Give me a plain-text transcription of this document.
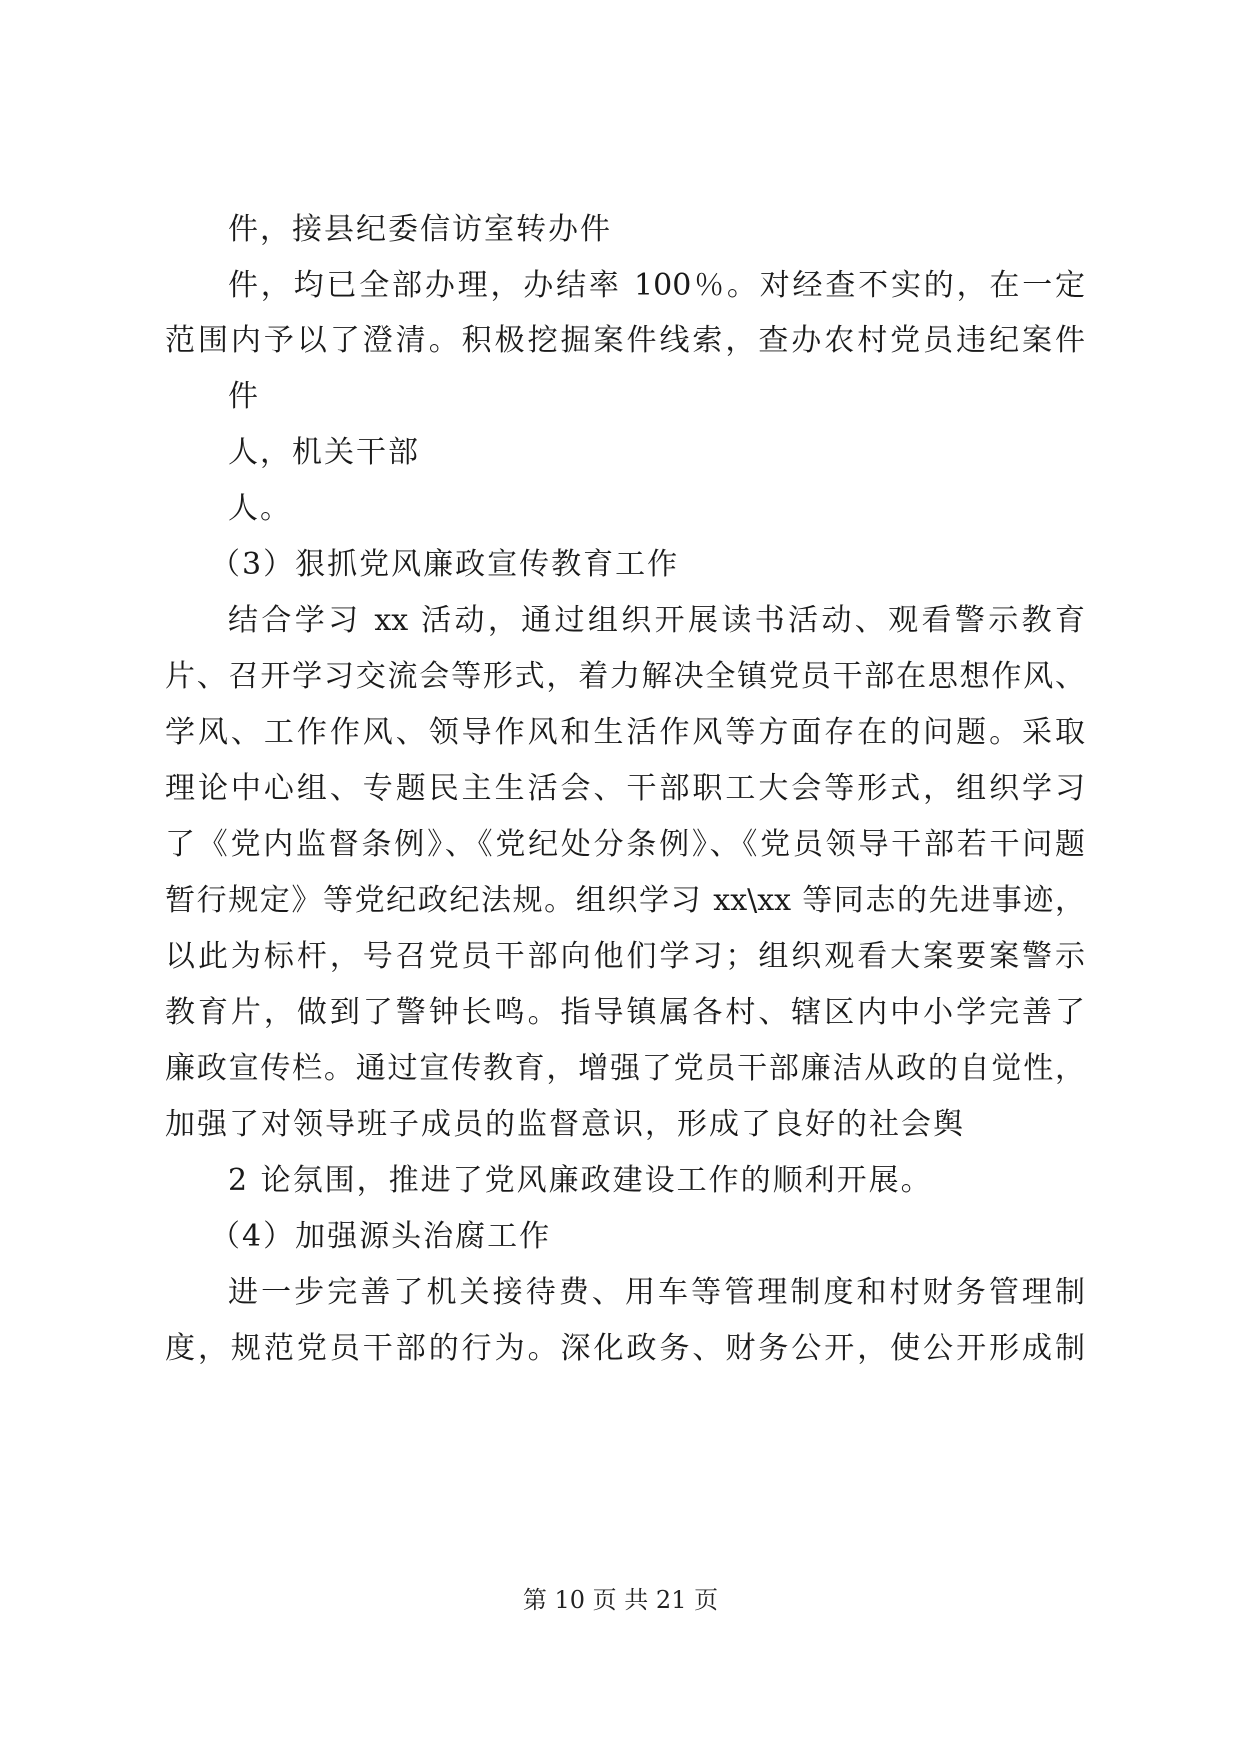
件，接县纪委信访室转办件
件，均已全部办理，办结率 100％。对经查不实的，在一定
范围内予以了澄清。积极挖掘案件线索，查办农村党员违纪案件
件
人，机关干部
人。
（3）狠抓党风廉政宣传教育工作
结合学习 xx 活动，通过组织开展读书活动、观看警示教育
片、召开学习交流会等形式，着力解决全镇党员干部在思想作风、
学风、工作作风、领导作风和生活作风等方面存在的问题。采取
理论中心组、专题民主生活会、干部职工大会等形式，组织学习
了《党内监督条例》、《党纪处分条例》、《党员领导干部若干问题
暂行规定》等党纪政纪法规。组织学习 xx\xx 等同志的先进事迹，
以此为标杆，号召党员干部向他们学习；组织观看大案要案警示
教育片，做到了警钟长鸣。指导镇属各村、辖区内中小学完善了
廉政宣传栏。通过宣传教育，增强了党员干部廉洁从政的自觉性，
加强了对领导班子成员的监督意识，形成了良好的社会舆
2 论氛围，推进了党风廉政建设工作的顺利开展。
（4）加强源头治腐工作
进一步完善了机关接待费、用车等管理制度和村财务管理制
度，规范党员干部的行为。深化政务、财务公开，使公开形成制
第 10 页 共 21 页
